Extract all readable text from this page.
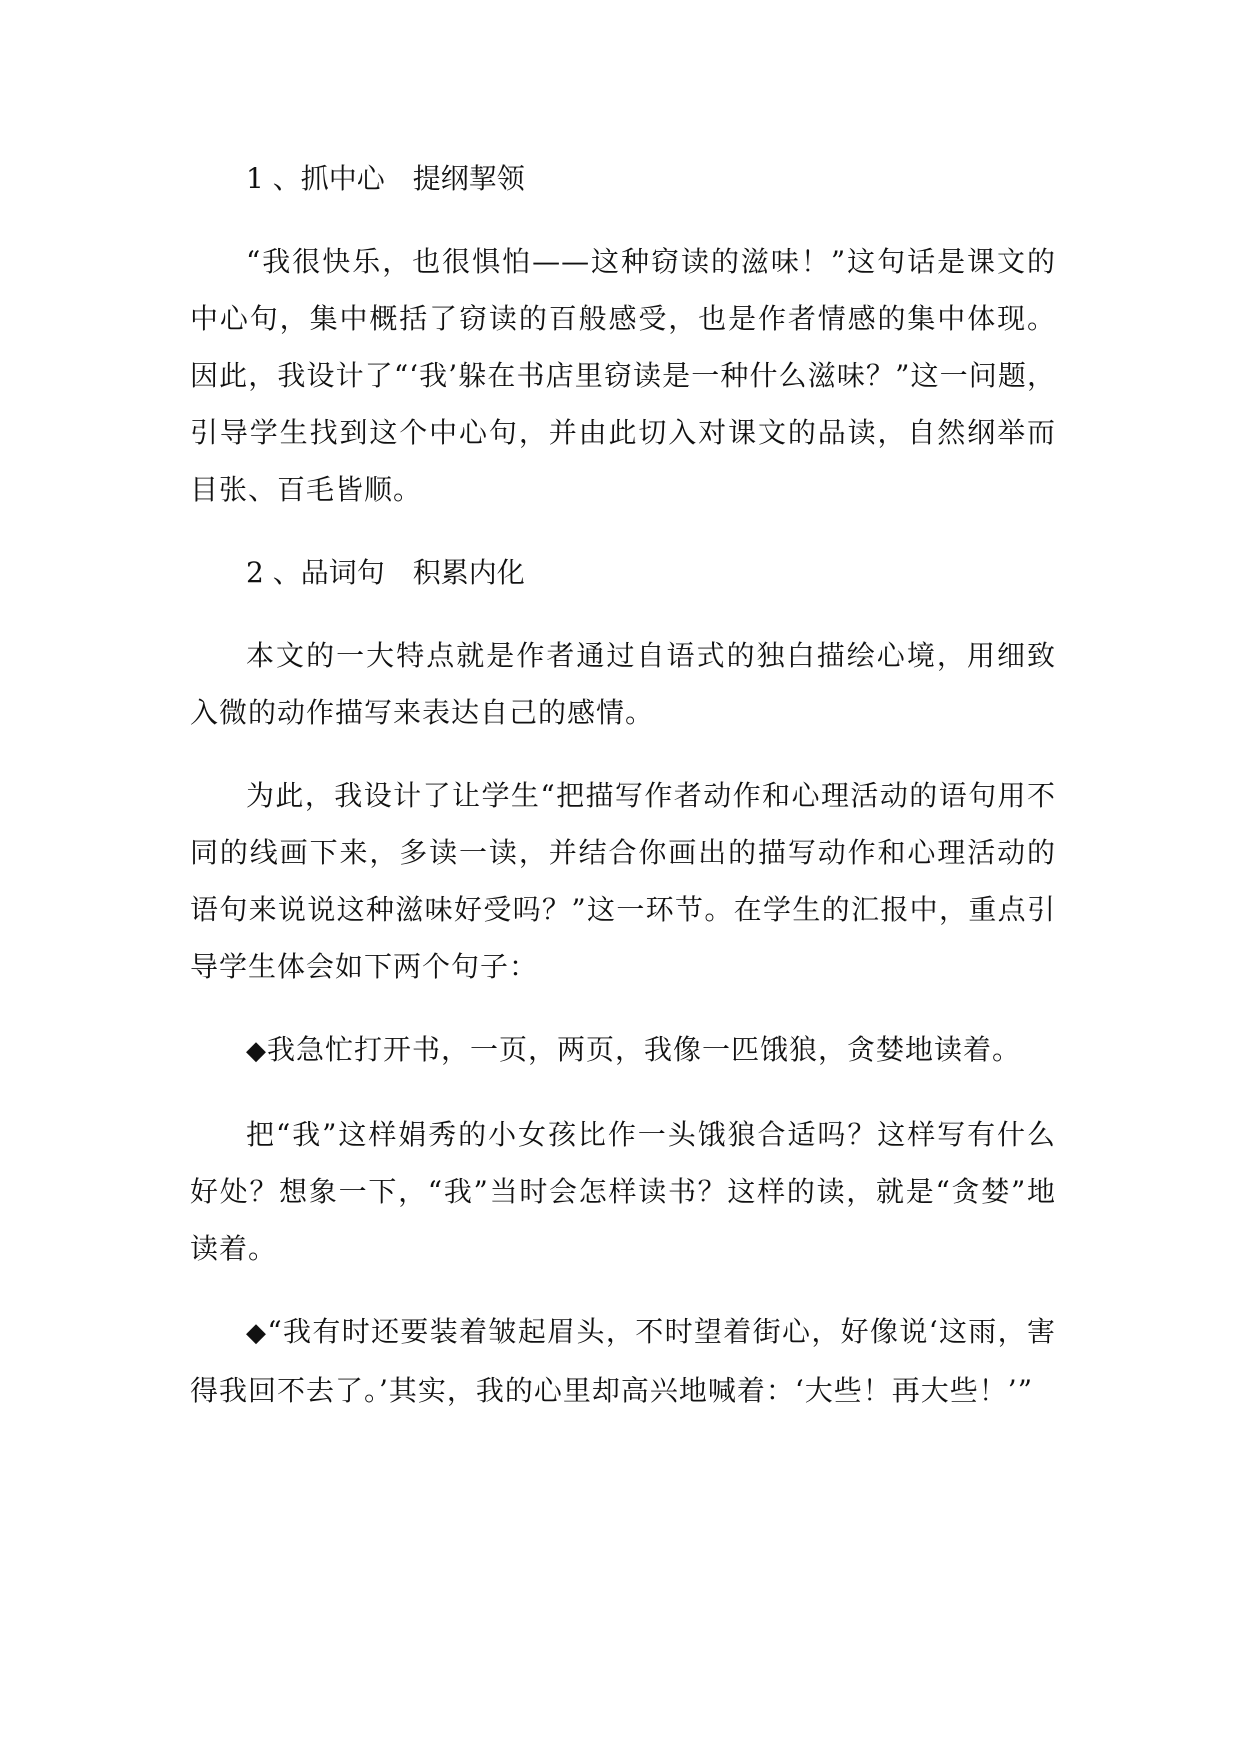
1 、抓中心　提纲挈领

“我很快乐，也很惧怕——这种窃读的滋味！”这句话是课文的中心句，集中概括了窃读的百般感受，也是作者情感的集中体现。因此，我设计了“‘我’躲在书店里窃读是一种什么滋味？”这一问题，引导学生找到这个中心句，并由此切入对课文的品读，自然纲举而目张、百毛皆顺。

2 、品词句　积累内化

本文的一大特点就是作者通过自语式的独白描绘心境，用细致入微的动作描写来表达自己的感情。

为此，我设计了让学生“把描写作者动作和心理活动的语句用不同的线画下来，多读一读，并结合你画出的描写动作和心理活动的语句来说说这种滋味好受吗？”这一环节。在学生的汇报中，重点引导学生体会如下两个句子：

◆我急忙打开书，一页，两页，我像一匹饿狼，贪婪地读着。

把“我”这样娟秀的小女孩比作一头饿狼合适吗？这样写有什么好处？想象一下，“我”当时会怎样读书？这样的读，就是“贪婪”地读着。

◆“我有时还要装着皱起眉头，不时望着街心，好像说‘这雨，害得我回不去了。’其实，我的心里却高兴地喊着：‘大些！再大些！’”
